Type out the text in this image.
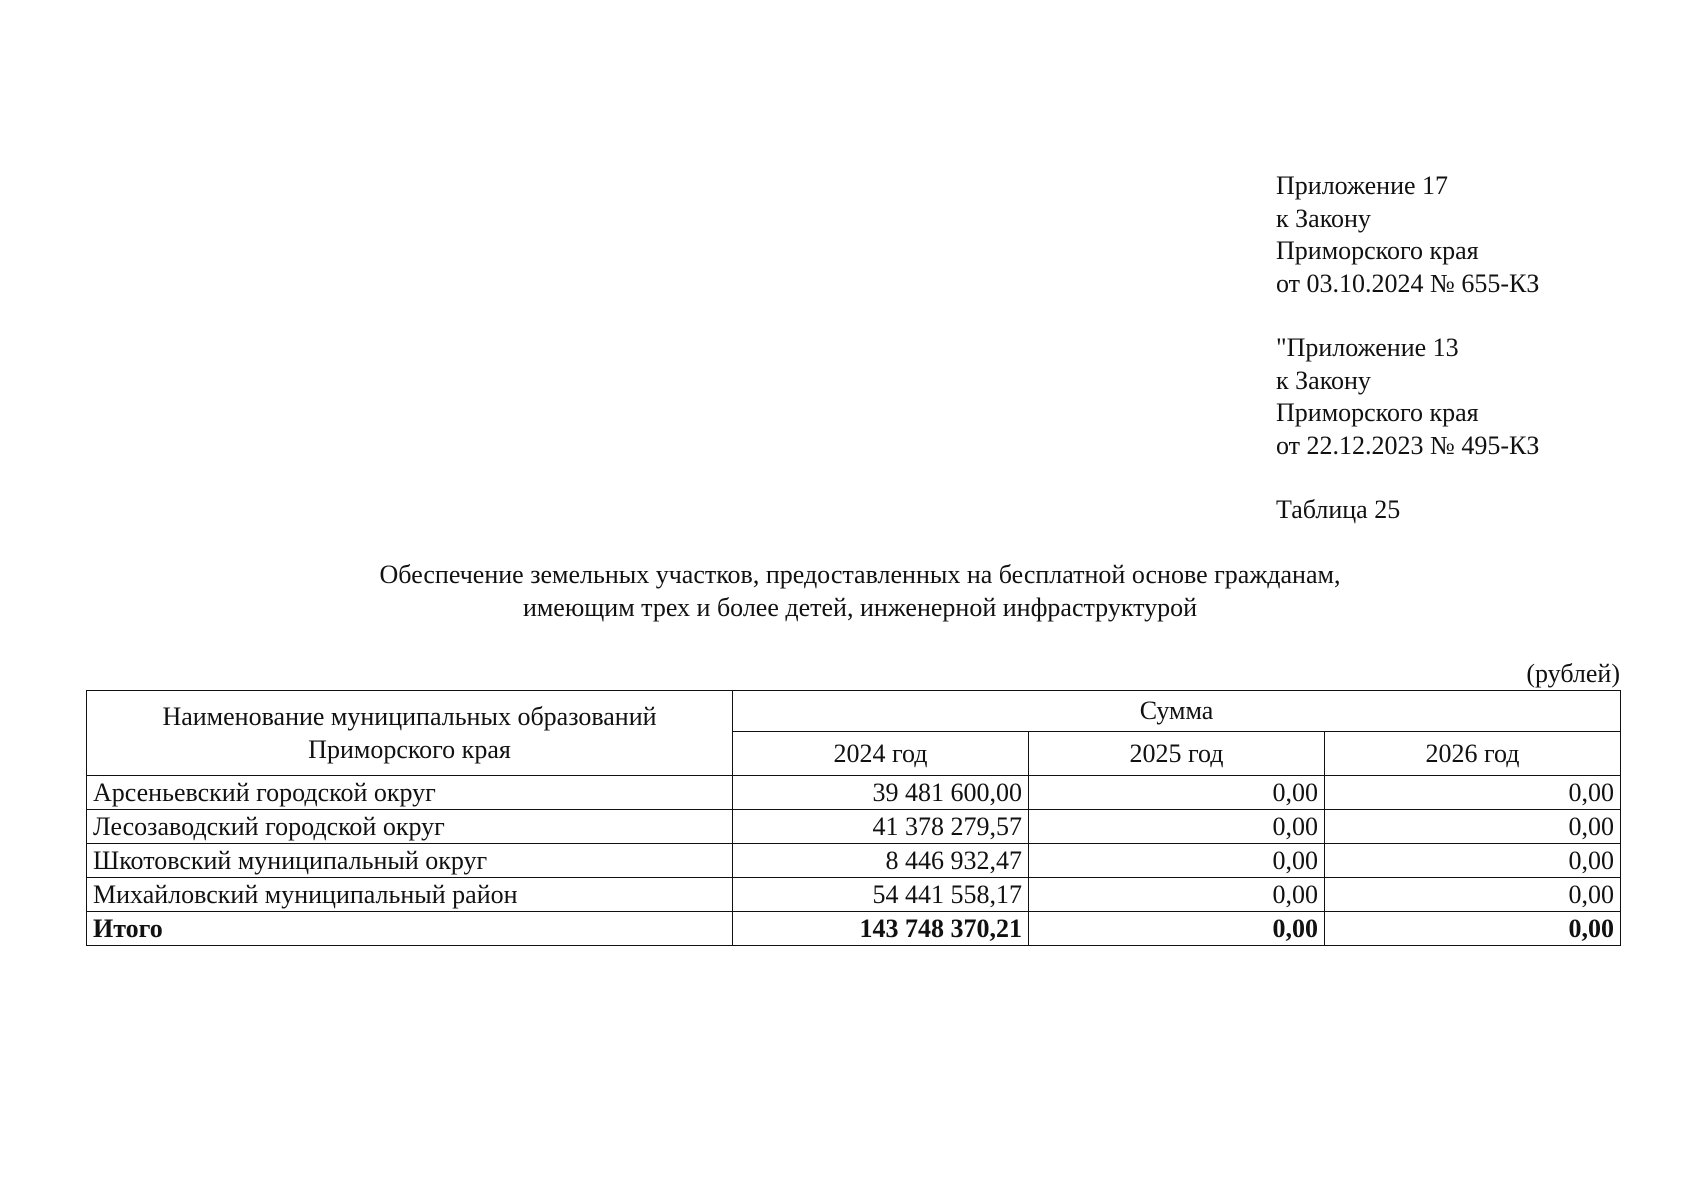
Приложение 17
к Закону
Приморского края
от 03.10.2024 № 655-КЗ
"Приложение 13
к Закону
Приморского края
от 22.12.2023 № 495-КЗ
Таблица 25
Обеспечение земельных участков, предоставленных на бесплатной основе гражданам,
имеющим трех и более детей, инженерной инфраструктурой
(рублей)
Наименование муниципальных образований
Приморского края	Сумма		
	2024 год	2025 год	2026 год
Арсеньевский городской округ	39 481 600,00	0,00	0,00
Лесозаводский городской округ	41 378 279,57	0,00	0,00
Шкотовский муниципальный округ	8 446 932,47	0,00	0,00
Михайловский муниципальный район	54 441 558,17	0,00	0,00
Итого	143 748 370,21	0,00	0,00
